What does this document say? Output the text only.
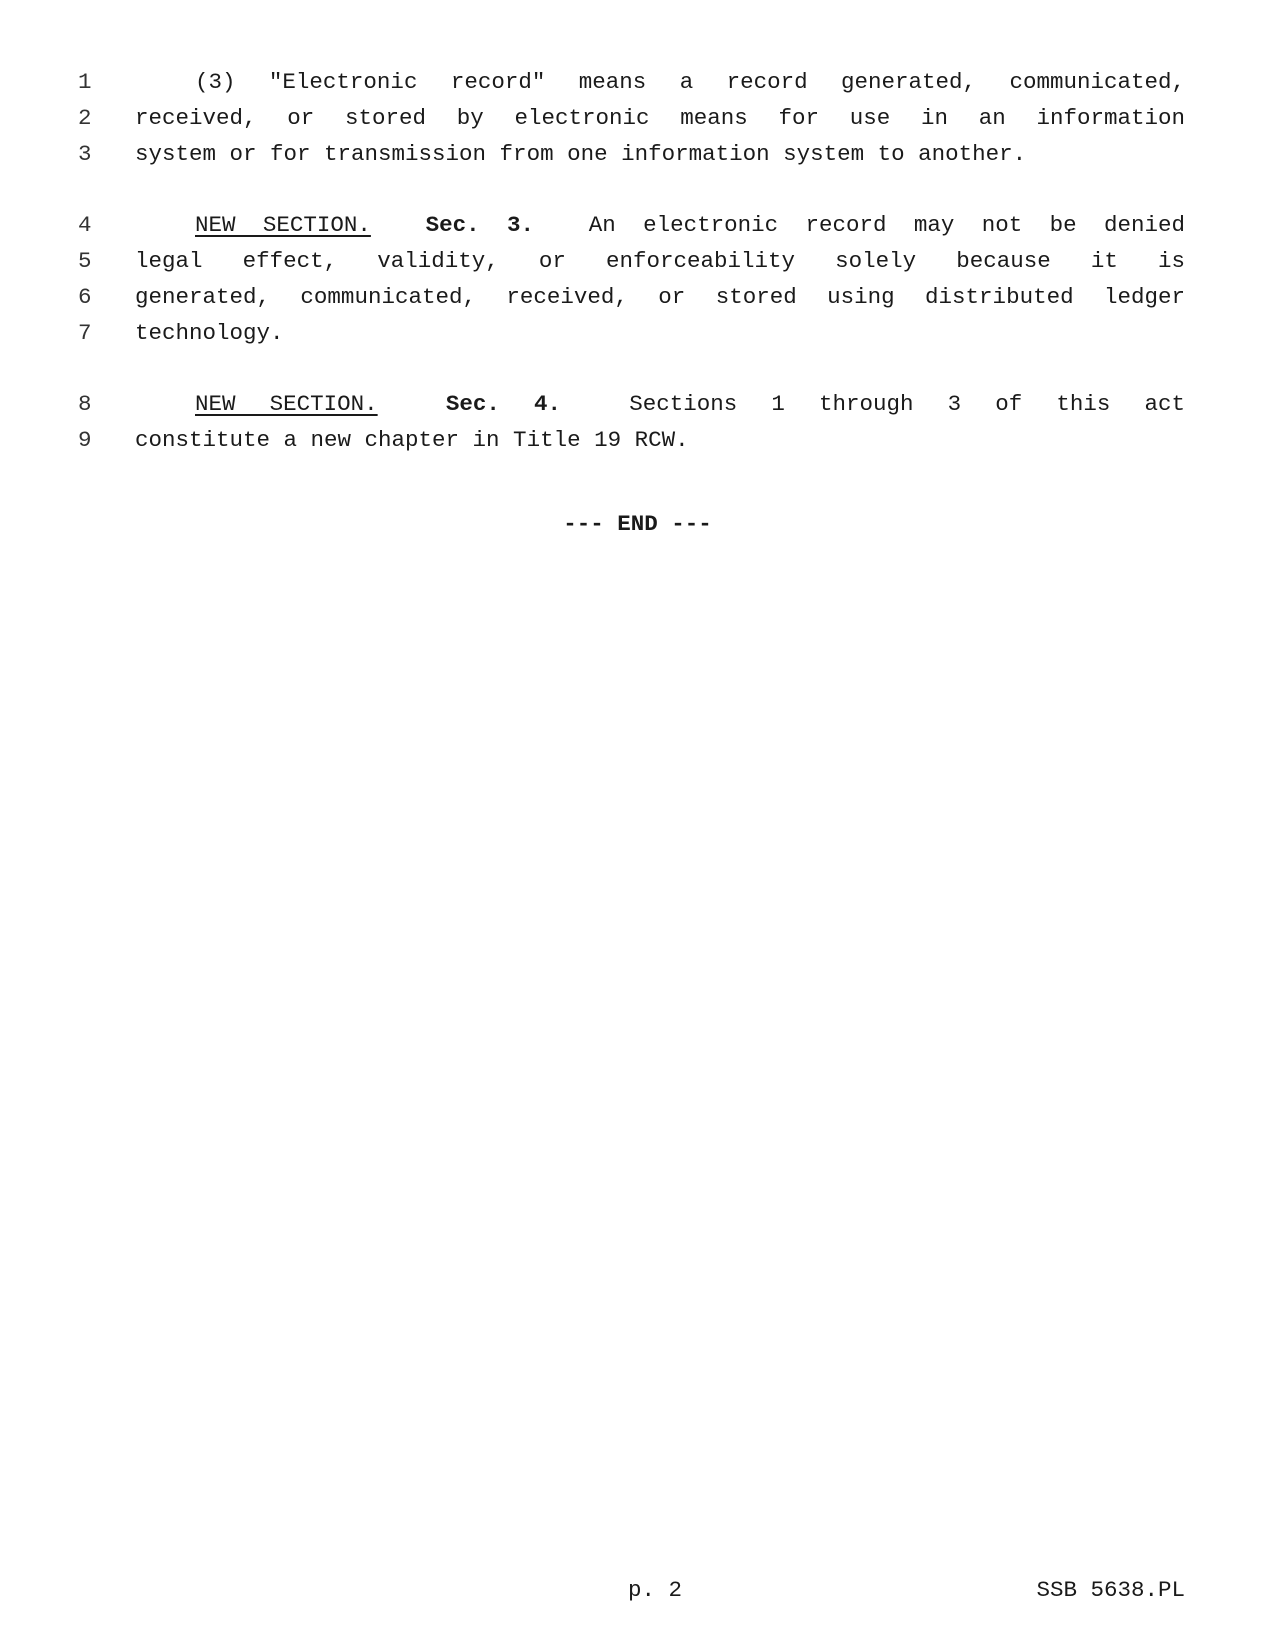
1	(3) "Electronic record" means a record generated, communicated,
2 received, or stored by electronic means for use in an information
3 system or for transmission from one information system to another.
4	NEW SECTION. Sec. 3.  An electronic record may not be denied
5 legal effect, validity, or enforceability solely because it is
6 generated, communicated, received, or stored using distributed ledger
7 technology.
8	NEW SECTION.	Sec. 4.  Sections 1 through 3 of this act
9 constitute a new chapter in Title 19 RCW.
--- END ---
p. 2	SSB 5638.PL
